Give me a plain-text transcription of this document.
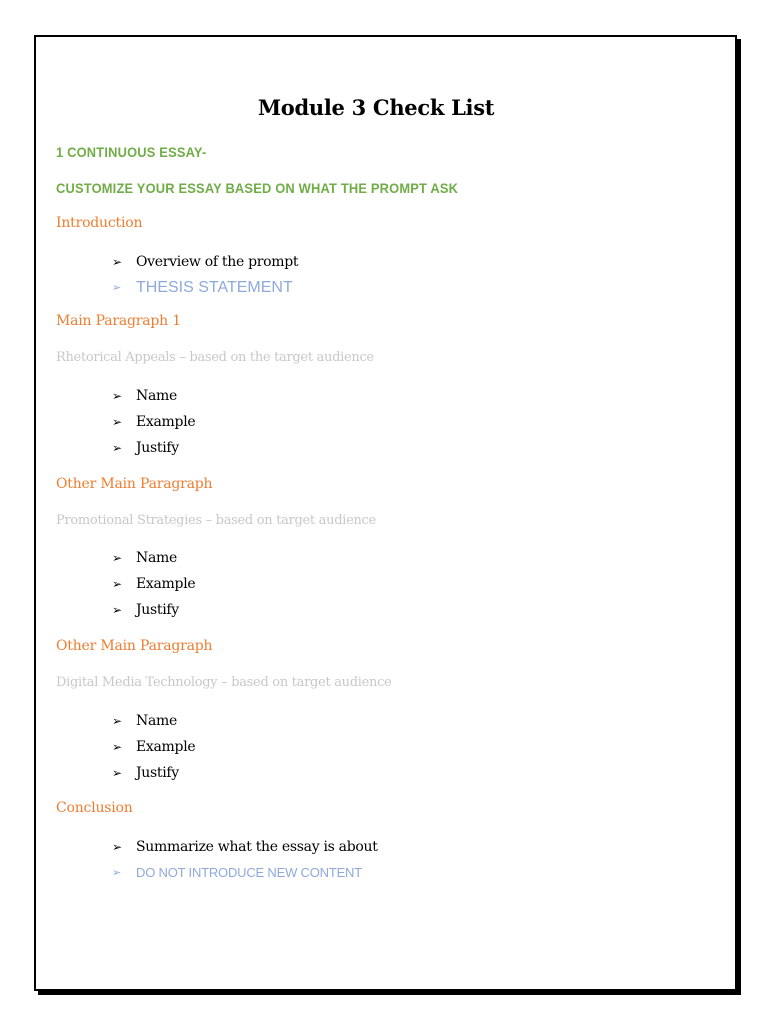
Module 3 Check List
1 CONTINUOUS ESSAY-
CUSTOMIZE YOUR ESSAY BASED ON WHAT THE PROMPT ASK
Introduction
➢ Overview of the prompt
➢ THESIS STATEMENT
Main Paragraph 1
Rhetorical Appeals – based on the target audience
➢ Name
➢ Example
➢ Justify
Other Main Paragraph
Promotional Strategies – based on target audience
➢ Name
➢ Example
➢ Justify
Other Main Paragraph
Digital Media Technology – based on target audience
➢ Name
➢ Example
➢ Justify
Conclusion
➢ Summarize what the essay is about
➢ DO NOT INTRODUCE NEW CONTENT
